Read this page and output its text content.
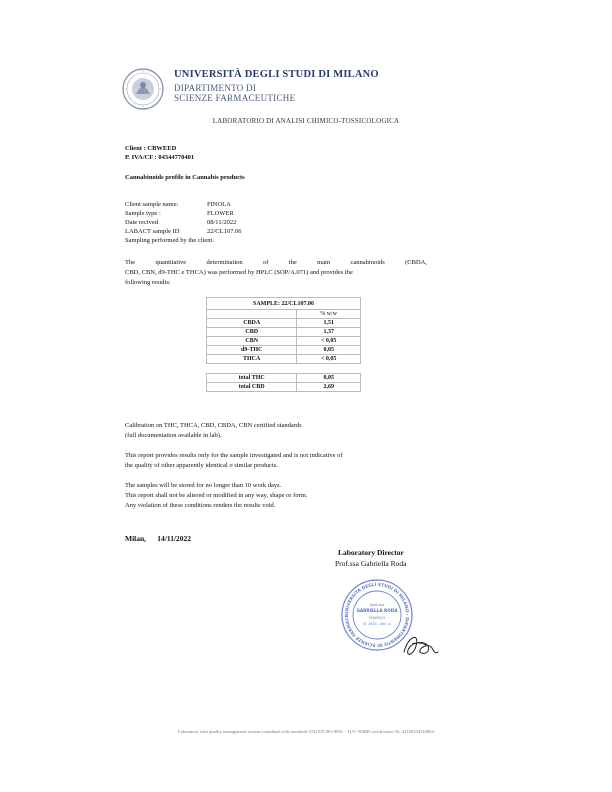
UNIVERSITÀ DEGLI STUDI DI MILANO
DIPARTIMENTO DI
SCIENZE FARMACEUTICHE
LABORATORIO DI ANALISI CHIMICO-TOSSICOLOGICA
Client : CBWEED
P. IVA/CF : 04344770401
Cannabinoids profile in Cannabis products
Client sample name:	FINOLA
Sample type :	FLOWER
Date recived	08/11/2022
LABACT sample ID	22/CL107.06
Sampling performed by the client.
The quantitative determination of the main cannabinoids (CBDA,
CBD, CBN, d9-THC e THCA) was performed by HPLC (SOP/A.071) and provides the
following results:
SAMPLE: 22/CL107.06	
	% w/w
CBDA	1,51
CBD	1,37
CBN	< 0,05
d9-THC	0,05
THCA	< 0,05

total THC	0,05
total CBD	2,69
Calibration on THC, THCA, CBD, CBDA, CBN certified standards
(full documentation available in lab).
This report provides results only for the sample investigated and is not indicative of
the quality of other apparently identical o similar products.
The samples will be stored for no longer than 10 work days.
This report shall not be altered or modified in any way, shape or form.
Any violation of these conditions renders the results void.
Milan,      14/11/2022
Laboratory Director
Prof.ssa Gabriella Roda
UNIVERSITÀ DEGLI STUDI DI MILANO · DIPARTIMENTO DI SCIENZE FARMACE
Dott.ssa
GABRIELLA RODA
CHIMICO
N. 2633 - Sez. A
Laboratory with quality management system compliant with standards UNI EN ISO 9001 - TUV NORD certification Nr. 44100154310064
